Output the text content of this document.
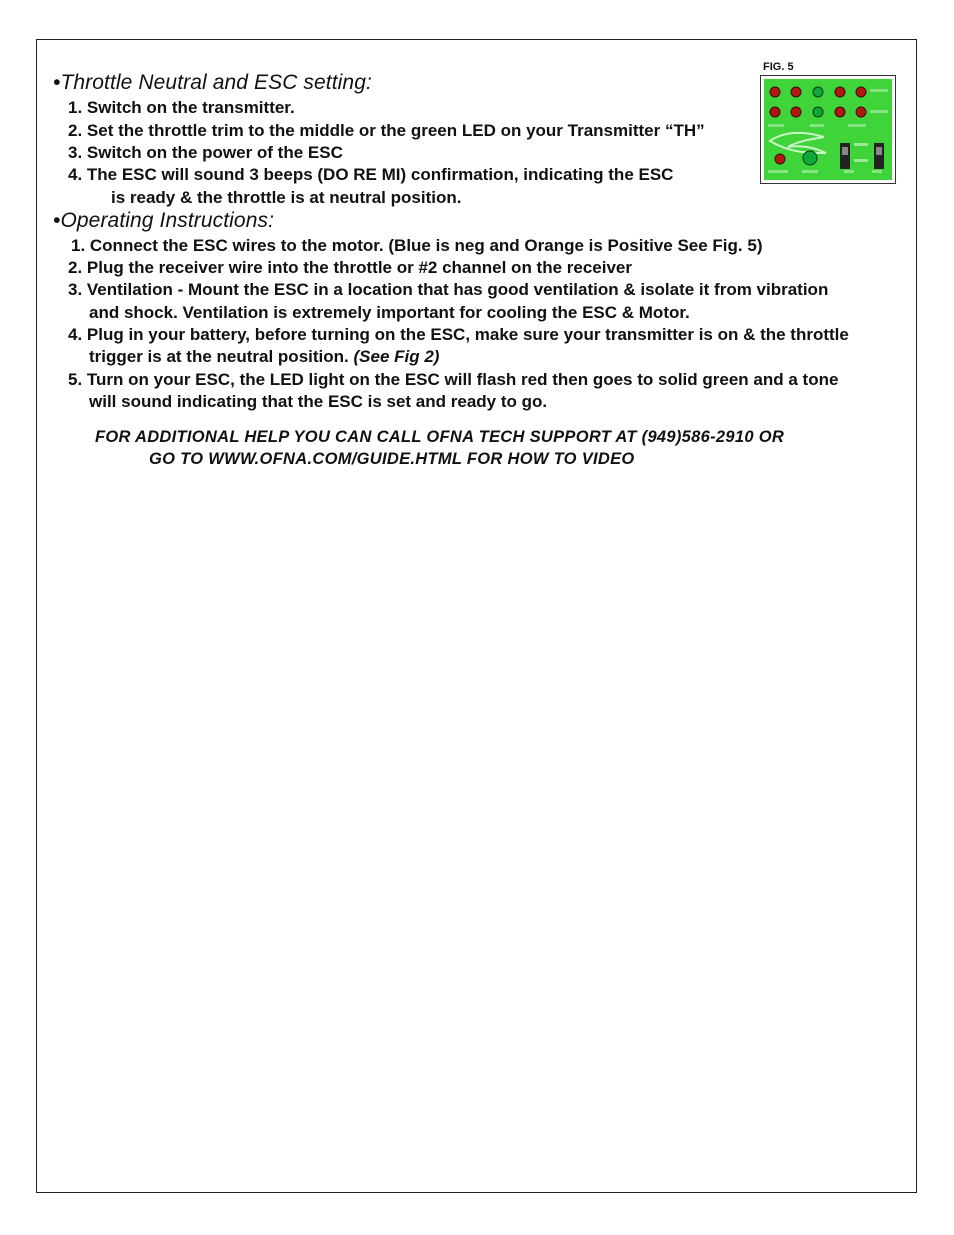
•Throttle Neutral and ESC setting:
1. Switch on the transmitter.
2. Set the throttle trim to the middle or the green LED on your Transmitter “TH”
3. Switch on the power of the ESC
4. The ESC will sound 3 beeps (DO RE MI) confirmation, indicating the ESC
is ready & the throttle is at neutral position.
•Operating Instructions:
1. Connect the ESC wires to the motor. (Blue is neg and Orange is Positive See Fig. 5)
2. Plug the receiver wire into the throttle or #2 channel on the receiver
3. Ventilation - Mount the ESC in a location that has good ventilation & isolate it from vibration
and shock. Ventilation is extremely important for cooling the ESC & Motor.
4. Plug in your battery, before turning on the ESC, make sure your transmitter is on & the throttle
trigger is at the neutral position. (See Fig 2)
5. Turn on your ESC, the LED light on the ESC will flash red then goes to solid green and a tone
will sound indicating that the ESC is set and ready to go.
FOR ADDITIONAL HELP YOU CAN CALL OFNA TECH SUPPORT AT (949)586-2910 OR
GO TO WWW.OFNA.COM/GUIDE.HTML FOR HOW TO VIDEO
FIG. 5
